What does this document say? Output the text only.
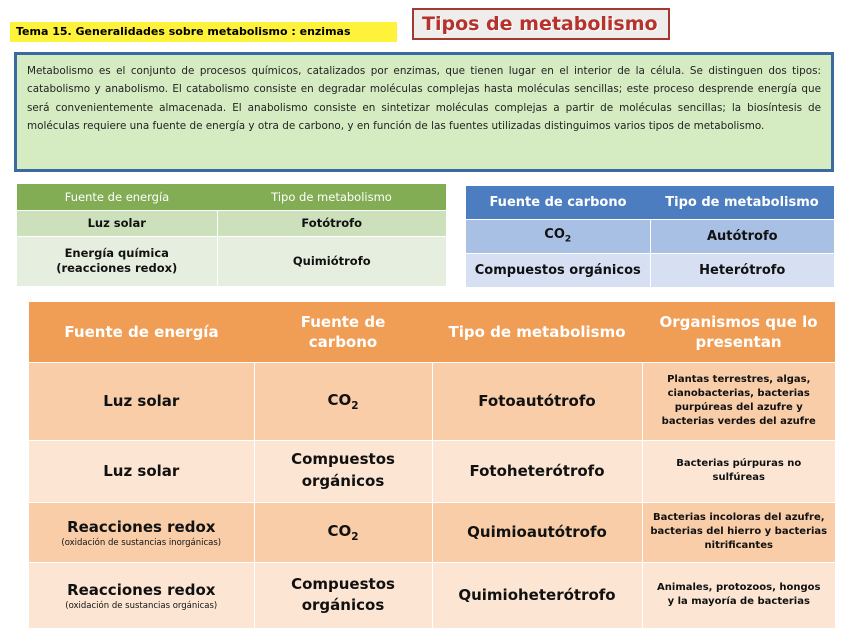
Tema 15. Generalidades sobre metabolismo : enzimas	Tipos de metabolismo
Metabolismo es el conjunto de procesos químicos, catalizados por enzimas, que tienen lugar en el interior de la célula. Se distinguen dos tipos: catabolismo y anabolismo. El catabolismo consiste en degradar moléculas complejas hasta moléculas sencillas; este proceso desprende energía que será convenientemente almacenada. El anabolismo consiste en sintetizar moléculas complejas a partir de moléculas sencillas; la biosíntesis de moléculas requiere una fuente de energía y otra de carbono, y en función de las fuentes utilizadas distinguimos varios tipos de metabolismo.
Fuente de energía	Tipo de metabolismo
Luz solar	Fotótrofo

Energía química (reacciones redox)	Quimiótrofo
Fuente de carbono	Tipo de metabolismo
$CO_2$	Autótrofo
Compuestos orgánicos	Heterótrofo
Fuente de energía	Fuente de carbono	Tipo de metabolismo	Organismos que lo presentan

Luz solar	$CO_2$	Fotoautótrofo	Plantas terrestres, algas, cianobacterias, bacterias purpúreas del azufre y bacterias verdes del azufre

Luz solar	Compuestos orgánicos	Fotoheterótrofo	Bacterias púrpuras no sulfúreas

Reacciones redox
(oxidación de sustancias inorgánicas)	$CO_2$	Quimioautótrofo	Bacterias incoloras del azufre, bacterias del hierro y bacterias nitrificantes

Reacciones redox
(oxidación de sustancias orgánicas)	Compuestos orgánicos	Quimioheterótrofo	Animales, protozoos, hongos y la mayoría de bacterias
